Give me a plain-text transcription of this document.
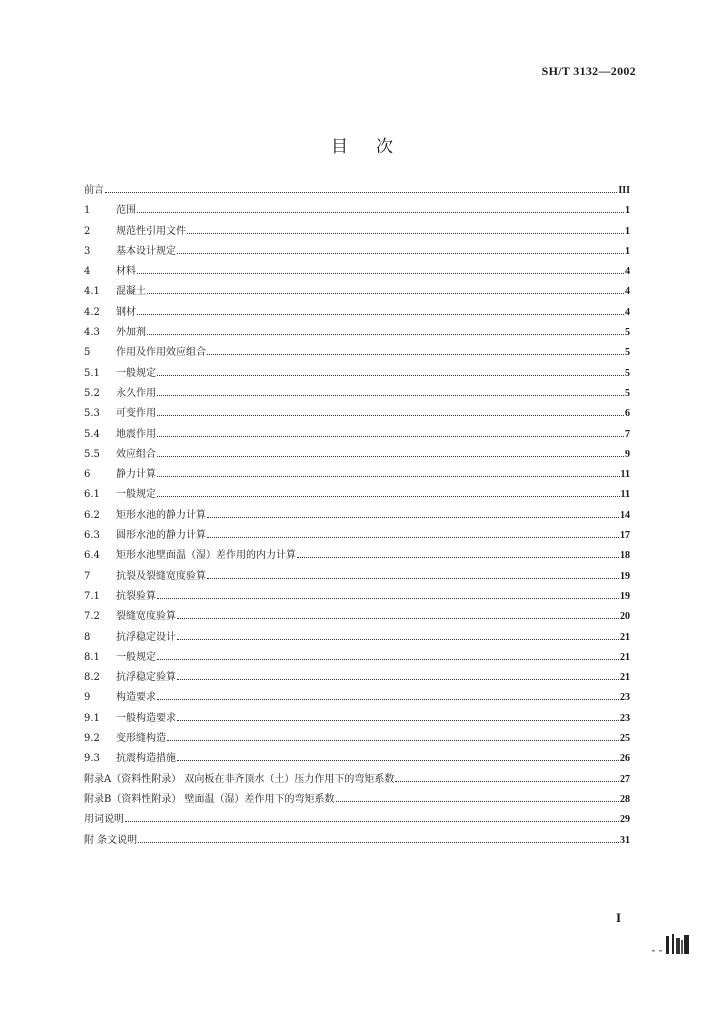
SH/T 3132—2002
目次
前言	III
1	范围	1
2	规范性引用文件	1
3	基本设计规定	1
4	材料	4
4.1	混凝土	4
4.2	钢材	4
4.3	外加剂	5
5	作用及作用效应组合	5
5.1	一般规定	5
5.2	永久作用	5
5.3	可变作用	6
5.4	地震作用	7
5.5	效应组合	9
6	静力计算	11
6.1	一般规定	11
6.2	矩形水池的静力计算	14
6.3	圆形水池的静力计算	17
6.4	矩形水池壁面温（湿）差作用的内力计算	18
7	抗裂及裂缝宽度验算	19
7.1	抗裂验算	19
7.2	裂缝宽度验算	20
8	抗浮稳定设计	21
8.1	一般规定	21
8.2	抗浮稳定验算	21
9	构造要求	23
9.1	一般构造要求	23
9.2	变形缝构造	25
9.3	抗震构造措施	26
附录A（资料性附录） 双向板在非齐顶水（土）压力作用下的弯矩系数	27
附录B（资料性附录） 壁面温（湿）差作用下的弯矩系数	28
用词说明	29
附 条文说明	31
I
